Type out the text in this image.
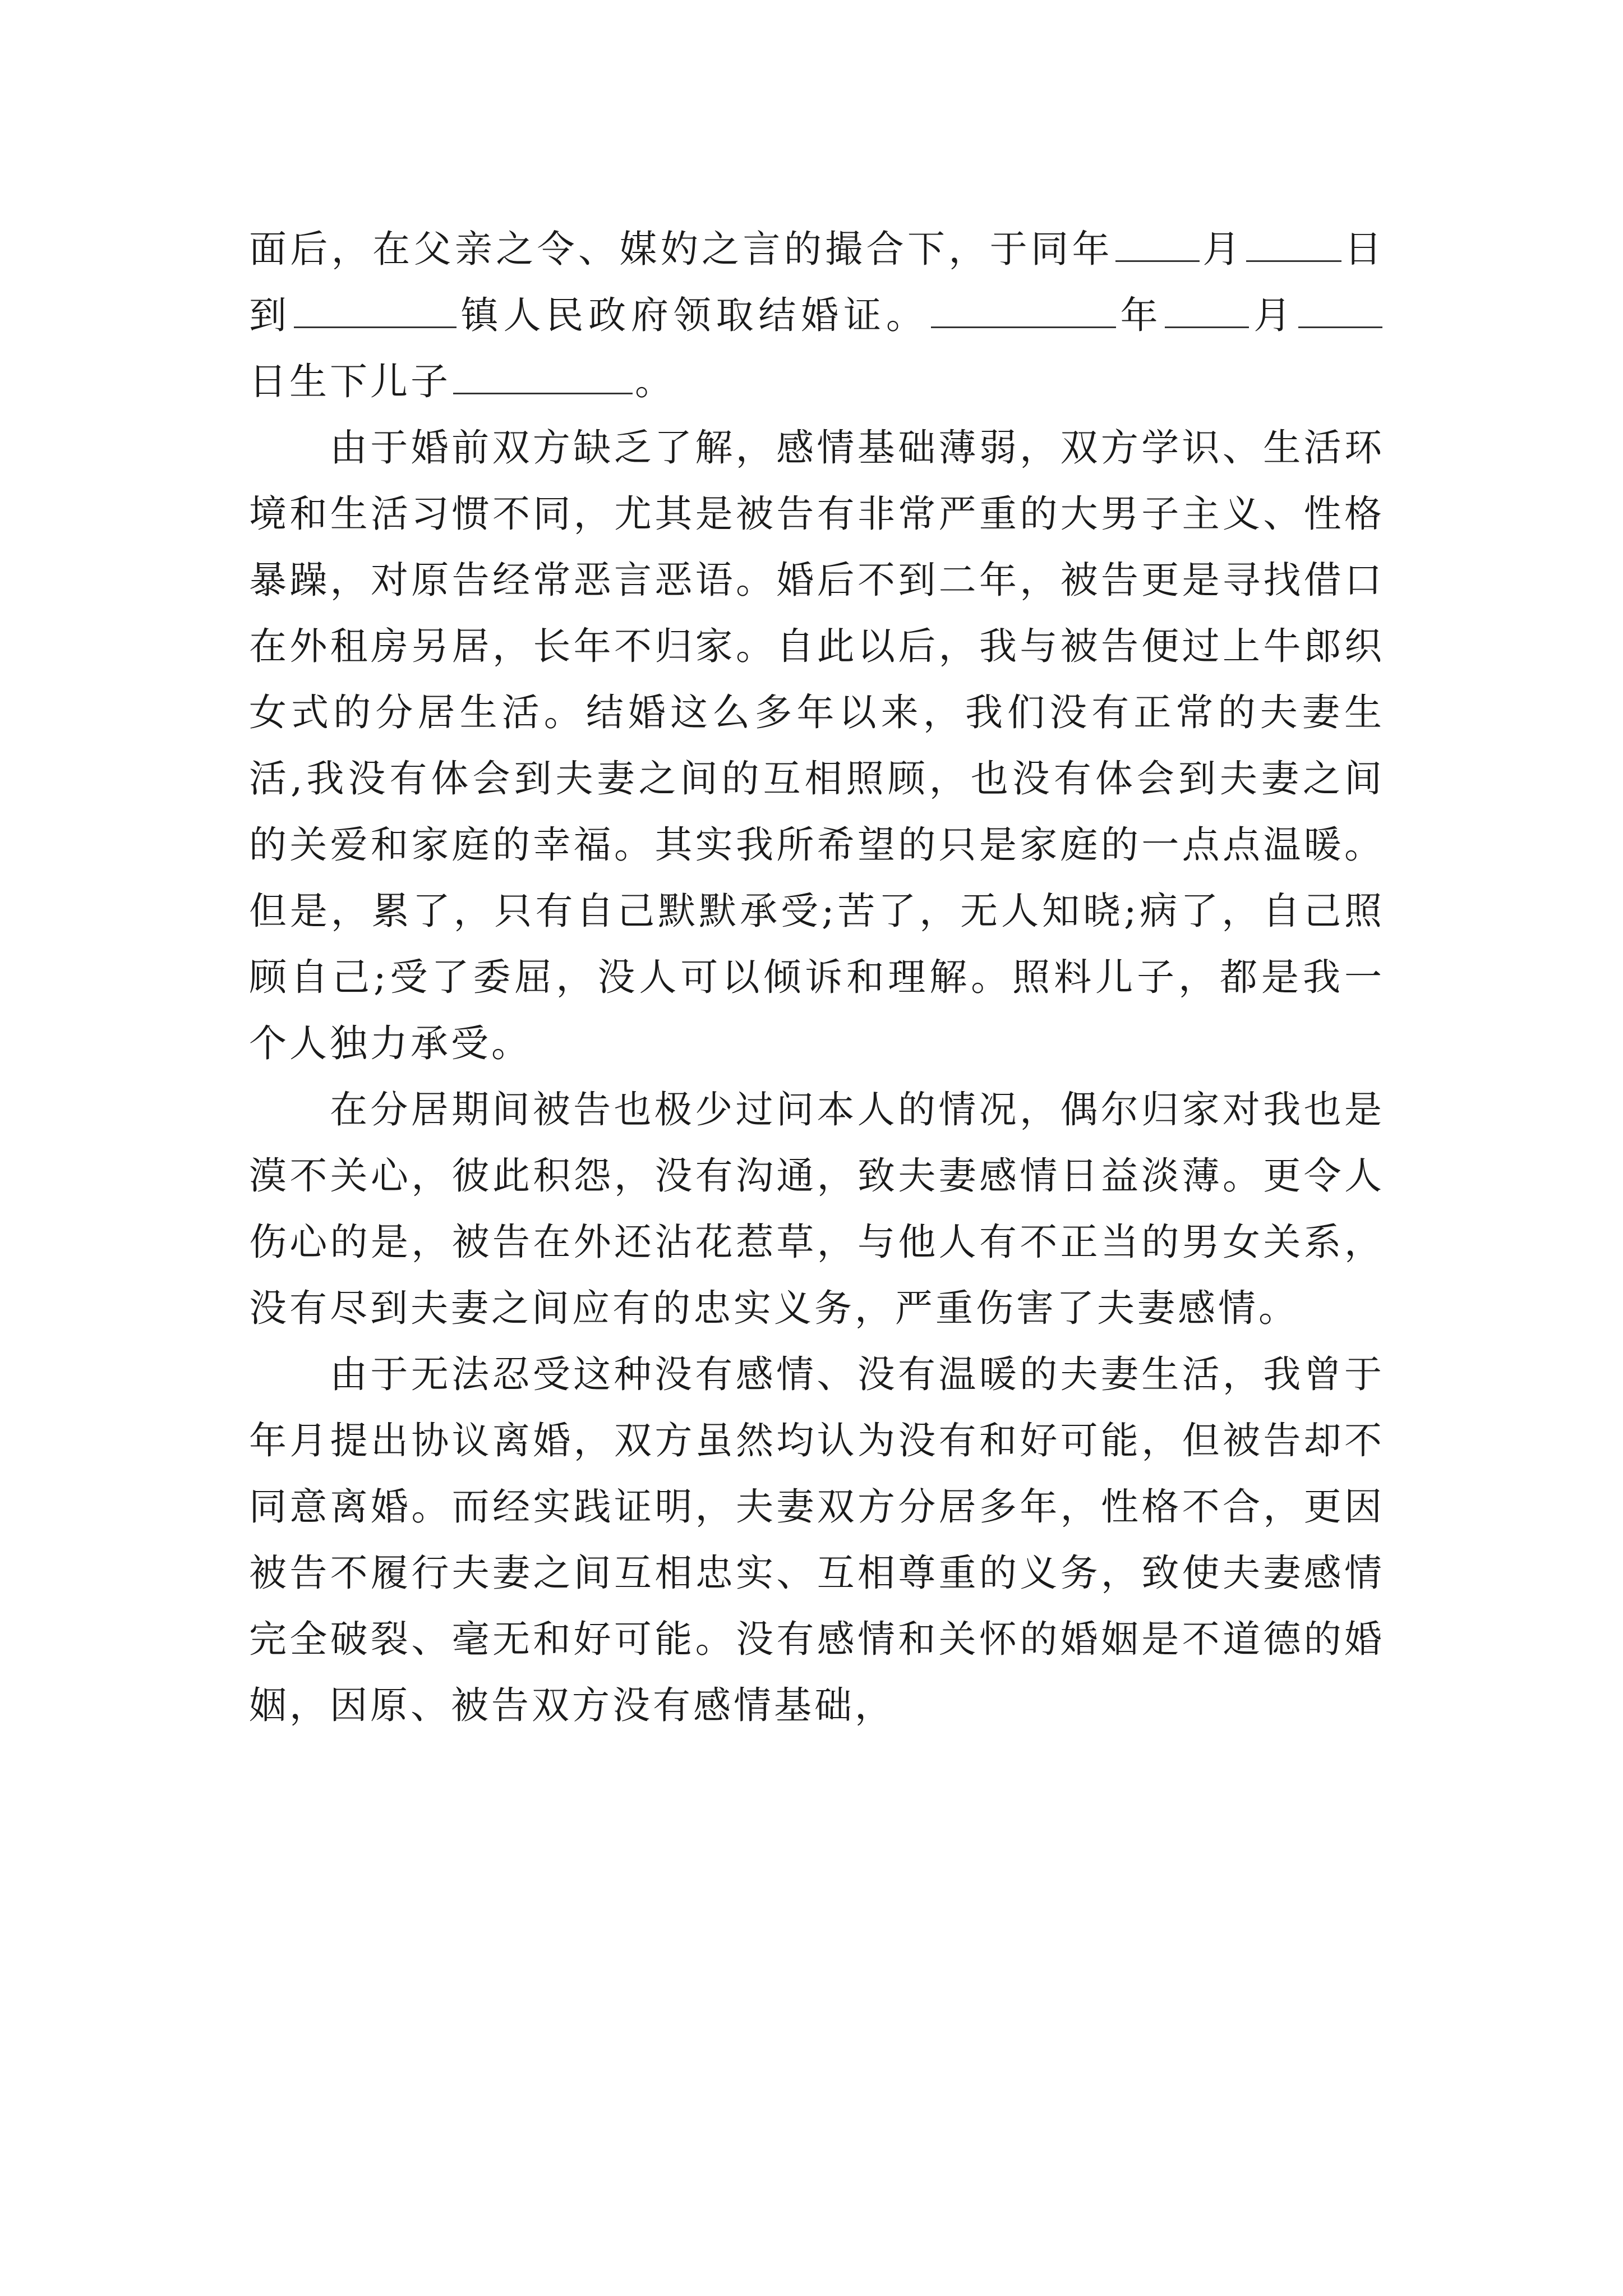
面后，在父亲之令、媒妁之言的撮合下，于同年 月	日到	镇人民政府领取结婚证。	年 月日生下儿子	。

由于婚前双方缺乏了解，感情基础薄弱，双方学识、生活环境和生活习惯不同，尤其是被告有非常严重的大男子主义、性格暴躁，对原告经常恶言恶语。婚后不到二年，被告更是寻找借口在外租房另居，长年不归家。自此以后，我与被告便过上牛郎织女式的分居生活。结婚这么多年以来，我们没有正常的夫妻生活,我没有体会到夫妻之间的互相照顾，也没有体会到夫妻之间的关爱和家庭的幸福。其实我所希望的只是家庭的一点点温暖。但是，累了，只有自己默默承受;苦了，无人知晓;病了，自己照顾自己;受了委屈，没人可以倾诉和理解。照料儿子，都是我一个人独力承受。

在分居期间被告也极少过问本人的情况，偶尔归家对我也是漠不关心，彼此积怨，没有沟通，致夫妻感情日益淡薄。更令人伤心的是，被告在外还沾花惹草，与他人有不正当的男女关系，没有尽到夫妻之间应有的忠实义务，严重伤害了夫妻感情。

由于无法忍受这种没有感情、没有温暖的夫妻生活，我曾于年月提出协议离婚，双方虽然均认为没有和好可能，但被告却不同意离婚。而经实践证明，夫妻双方分居多年，性格不合，更因被告不履行夫妻之间互相忠实、互相尊重的义务，致使夫妻感情完全破裂、毫无和好可能。没有感情和关怀的婚姻是不道德的婚姻，因原、被告双方没有感情基础，
